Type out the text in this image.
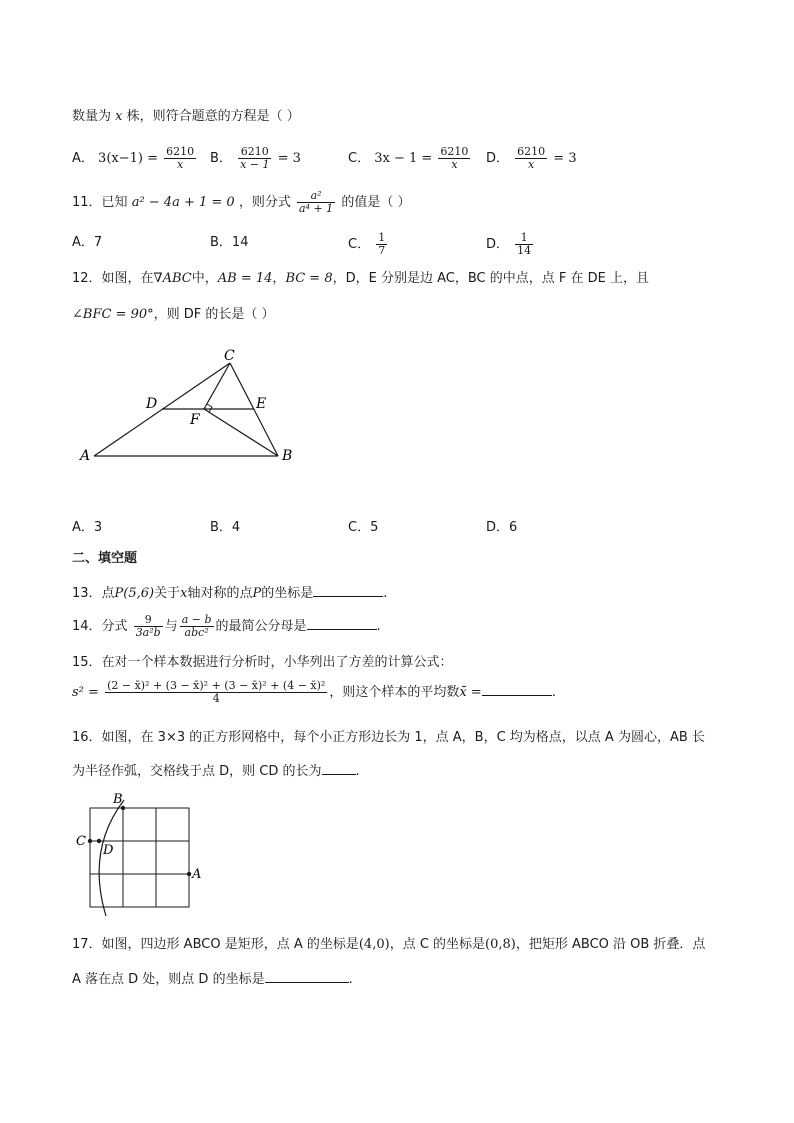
数量为 x 株，则符合题意的方程是（ ）
A． $3(x-1) = \frac{6210}{x}$ B． $\frac{6210}{x - 1} = 3$	C． $3x - 1 = \frac{6210}{x}$ D． $\frac{6210}{x} = 3$
11．已知 a² − 4a + 1 = 0 ，则分式 $\frac{\text{a²}}{\text{a⁴ + 1}}$ 的值是（ ）
A．7	B．14	C． $\frac{1}{7}$	D． $\frac{1}{14}$
12．如图，在∇ABC中，AB = 14，BC = 8，D，E 分别是边 AC，BC 的中点，点 F 在 DE 上，且
∠BFC = 90°，则 DF 的长是（ ）
C
D	E
F
A	B
A．3	B．4	C．5	D．6
二、填空题
13．点P(5,6)关于x轴对称的点P的坐标是	.
14．分式 $\frac{9}{\text{3a²b}}$ 与 $\frac{a - b}{\text{abc²}}$ 的最简公分母是	.
15．在对一个样本数据进行分析时，小华列出了方差的计算公式：
$s^2 = \frac{\text{(2 − x̄)² + (3 − x̄)² + (3 − x̄)² + (4 − x̄)²}}{4}$ ，则这个样本的平均数x̄ =	.
16．如图，在 3×3 的正方形网格中，每个小正方形边长为 1，点 A，B，C 均为格点，以点 A 为圆心，AB 长
为半径作弧，交格线于点 D，则 CD 的长为	.
B
C
D
A
17．如图，四边形 ABCO 是矩形，点 A 的坐标是(4,0)，点 C 的坐标是(0,8)，把矩形 ABCO 沿 OB 折叠．点
A 落在点 D 处，则点 D 的坐标是	.
